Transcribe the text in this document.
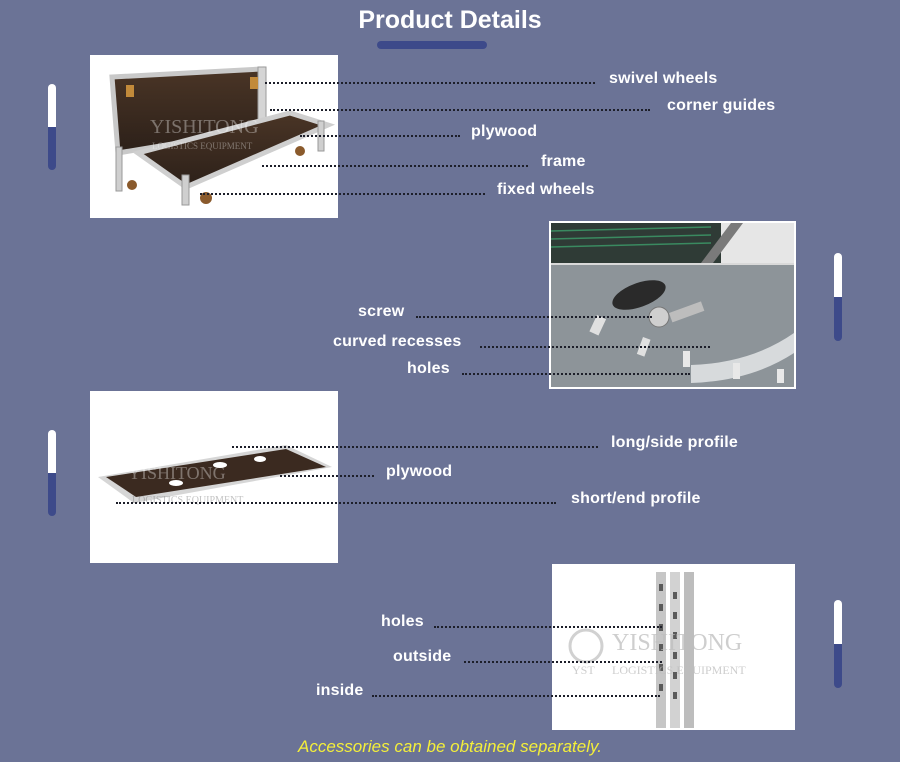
Product Details
YISHITONG
LOGISTICS EQUIPMENT
swivel wheels
corner guides
plywood
frame
fixed wheels
screw
curved recesses
holes
YISHITONG
LOGISTICS EQUIPMENT
long/side profile
plywood
short/end profile
YISHITONG
YST LOGISTICS EQUIPMENT
holes
outside
inside
Accessories can be obtained separately.
